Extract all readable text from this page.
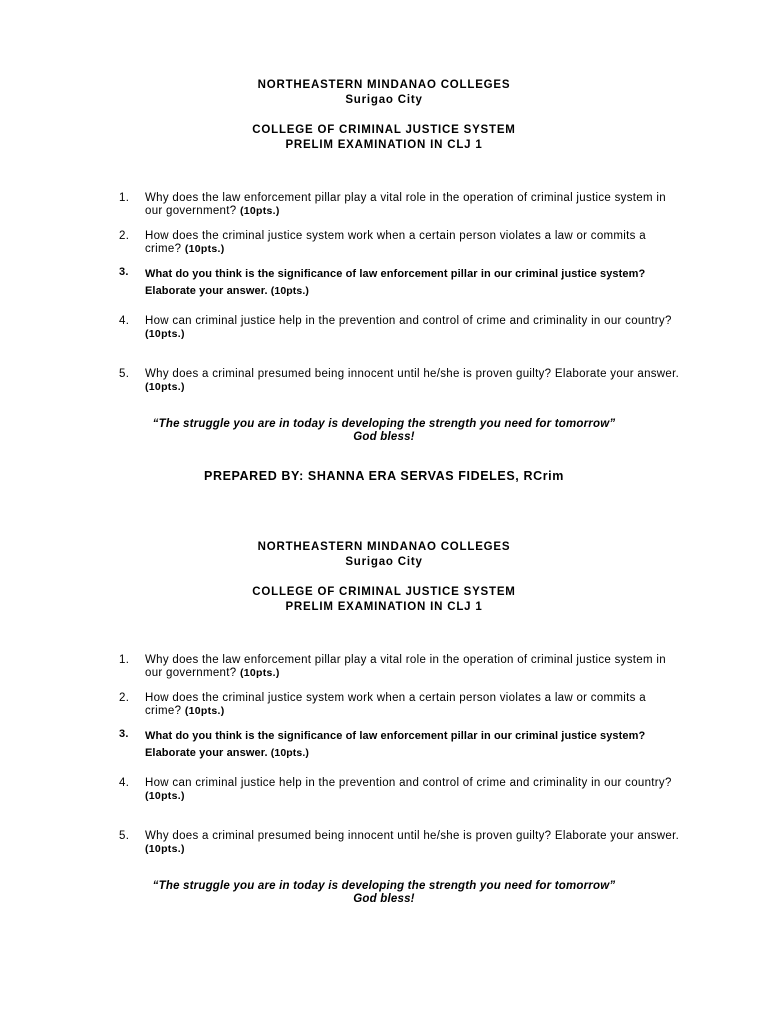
NORTHEASTERN MINDANAO COLLEGES
Surigao City
COLLEGE OF CRIMINAL JUSTICE SYSTEM
PRELIM EXAMINATION IN CLJ 1
1.	Why does the law enforcement pillar play a vital role in the operation of criminal justice system in our government? (10pts.)
2.	How does the criminal justice system work when a certain person violates a law or commits a crime? (10pts.)
3.	What do you think is the significance of law enforcement pillar in our criminal justice system? Elaborate your answer. (10pts.)
4.	How can criminal justice help in the prevention and control of crime and criminality in our country? (10pts.)
5.	Why does a criminal presumed being innocent until he/she is proven guilty? Elaborate your answer. (10pts.)
“The struggle you are in today is developing the strength you need for tomorrow”
God bless!
PREPARED BY: SHANNA ERA SERVAS FIDELES, RCrim
NORTHEASTERN MINDANAO COLLEGES
Surigao City
COLLEGE OF CRIMINAL JUSTICE SYSTEM
PRELIM EXAMINATION IN CLJ 1
1.	Why does the law enforcement pillar play a vital role in the operation of criminal justice system in our government? (10pts.)
2.	How does the criminal justice system work when a certain person violates a law or commits a crime? (10pts.)
3.	What do you think is the significance of law enforcement pillar in our criminal justice system? Elaborate your answer. (10pts.)
4.	How can criminal justice help in the prevention and control of crime and criminality in our country? (10pts.)
5.	Why does a criminal presumed being innocent until he/she is proven guilty? Elaborate your answer. (10pts.)
“The struggle you are in today is developing the strength you need for tomorrow”
God bless!
